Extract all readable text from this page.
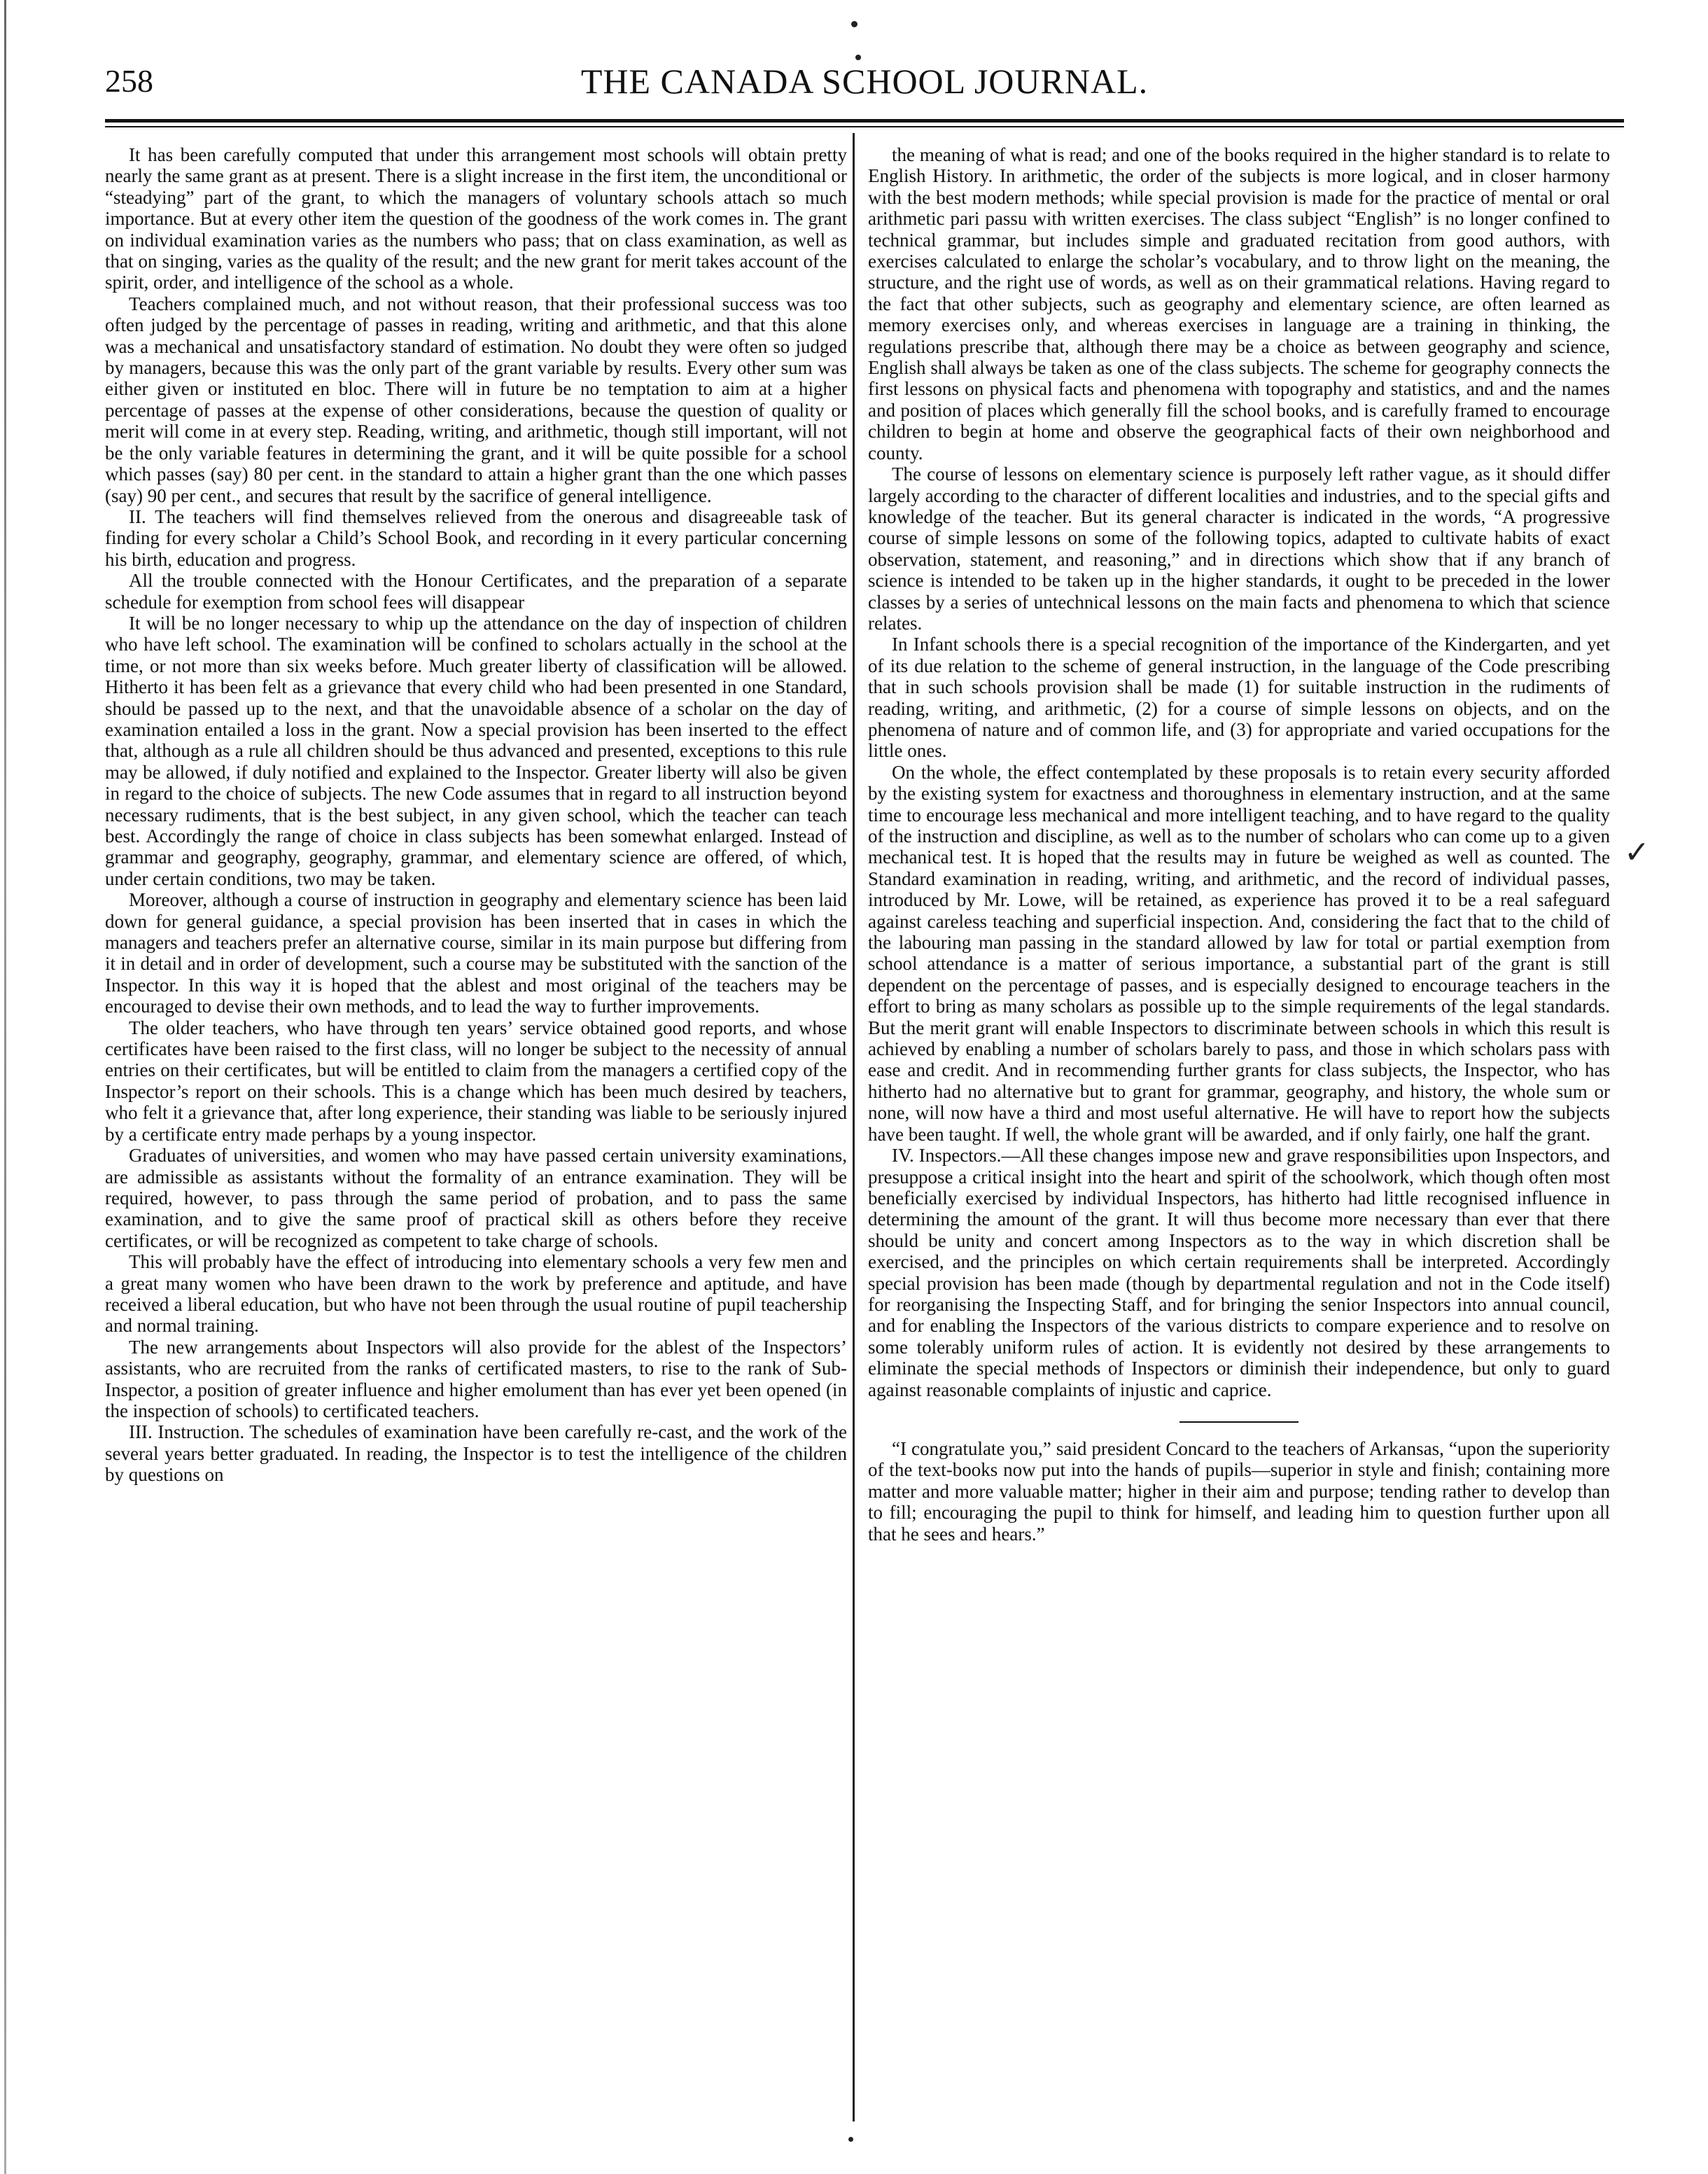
258	THE CANADA SCHOOL JOURNAL.

It has been carefully computed that under this arrangement most schools will obtain pretty nearly the same grant as at present. There is a slight increase in the first item, the unconditional or “steadying” part of the grant, to which the managers of voluntary schools attach so much importance. But at every other item the question of the goodness of the work comes in. The grant on individual examination varies as the numbers who pass; that on class examination, as well as that on singing, varies as the quality of the result; and the new grant for merit takes account of the spirit, order, and intelligence of the school as a whole.

Teachers complained much, and not without reason, that their professional success was too often judged by the percentage of passes in reading, writing and arithmetic, and that this alone was a mechanical and unsatisfactory standard of estimation. No doubt they were often so judged by managers, because this was the only part of the grant variable by results. Every other sum was either given or instituted en bloc. There will in future be no temptation to aim at a higher percentage of passes at the expense of other considerations, because the question of quality or merit will come in at every step. Reading, writing, and arithmetic, though still important, will not be the only variable features in determining the grant, and it will be quite possible for a school which passes (say) 80 per cent. in the standard to attain a higher grant than the one which passes (say) 90 per cent., and secures that result by the sacrifice of general intelligence.

II. The teachers will find themselves relieved from the onerous and disagreeable task of finding for every scholar a Child’s School Book, and recording in it every particular concerning his birth, education and progress.

All the trouble connected with the Honour Certificates, and the preparation of a separate schedule for exemption from school fees will disappear

It will be no longer necessary to whip up the attendance on the day of inspection of children who have left school. The examination will be confined to scholars actually in the school at the time, or not more than six weeks before. Much greater liberty of classification will be allowed. Hitherto it has been felt as a grievance that every child who had been presented in one Standard, should be passed up to the next, and that the unavoidable absence of a scholar on the day of examination entailed a loss in the grant. Now a special provision has been inserted to the effect that, although as a rule all children should be thus advanced and presented, exceptions to this rule may be allowed, if duly notified and explained to the Inspector. Greater liberty will also be given in regard to the choice of subjects. The new Code assumes that in regard to all instruction beyond necessary rudiments, that is the best subject, in any given school, which the teacher can teach best. Accordingly the range of choice in class subjects has been somewhat enlarged. Instead of grammar and geography, geography, grammar, and elementary science are offered, of which, under certain conditions, two may be taken.

Moreover, although a course of instruction in geography and elementary science has been laid down for general guidance, a special provision has been inserted that in cases in which the managers and teachers prefer an alternative course, similar in its main purpose but differing from it in detail and in order of development, such a course may be substituted with the sanction of the Inspector. In this way it is hoped that the ablest and most original of the teachers may be encouraged to devise their own methods, and to lead the way to further improvements.

The older teachers, who have through ten years’ service obtained good reports, and whose certificates have been raised to the first class, will no longer be subject to the necessity of annual entries on their certificates, but will be entitled to claim from the managers a certified copy of the Inspector’s report on their schools. This is a change which has been much desired by teachers, who felt it a grievance that, after long experience, their standing was liable to be seriously injured by a certificate entry made perhaps by a young inspector.

Graduates of universities, and women who may have passed certain university examinations, are admissible as assistants without the formality of an entrance examination. They will be required, however, to pass through the same period of probation, and to pass the same examination, and to give the same proof of practical skill as others before they receive certificates, or will be recognized as competent to take charge of schools.

This will probably have the effect of introducing into elementary schools a very few men and a great many women who have been drawn to the work by preference and aptitude, and have received a liberal education, but who have not been through the usual routine of pupil teachership and normal training.

The new arrangements about Inspectors will also provide for the ablest of the Inspectors’ assistants, who are recruited from the ranks of certificated masters, to rise to the rank of Sub-Inspector, a position of greater influence and higher emolument than has ever yet been opened (in the inspection of schools) to certificated teachers.

III. Instruction. The schedules of examination have been carefully re-cast, and the work of the several years better graduated. In reading, the Inspector is to test the intelligence of the children by questions on

the meaning of what is read; and one of the books required in the higher standard is to relate to English History. In arithmetic, the order of the subjects is more logical, and in closer harmony with the best modern methods; while special provision is made for the practice of mental or oral arithmetic pari passu with written exercises. The class subject “English” is no longer confined to technical grammar, but includes simple and graduated recitation from good authors, with exercises calculated to enlarge the scholar’s vocabulary, and to throw light on the meaning, the structure, and the right use of words, as well as on their grammatical relations. Having regard to the fact that other subjects, such as geography and elementary science, are often learned as memory exercises only, and whereas exercises in language are a training in thinking, the regulations prescribe that, although there may be a choice as between geography and science, English shall always be taken as one of the class subjects. The scheme for geography connects the first lessons on physical facts and phenomena with topography and statistics, and and the names and position of places which generally fill the school books, and is carefully framed to encourage children to begin at home and observe the geographical facts of their own neighborhood and county.

The course of lessons on elementary science is purposely left rather vague, as it should differ largely according to the character of different localities and industries, and to the special gifts and knowledge of the teacher. But its general character is indicated in the words, “A progressive course of simple lessons on some of the following topics, adapted to cultivate habits of exact observation, statement, and reasoning,” and in directions which show that if any branch of science is intended to be taken up in the higher standards, it ought to be preceded in the lower classes by a series of untechnical lessons on the main facts and phenomena to which that science relates.

In Infant schools there is a special recognition of the importance of the Kindergarten, and yet of its due relation to the scheme of general instruction, in the language of the Code prescribing that in such schools provision shall be made (1) for suitable instruction in the rudiments of reading, writing, and arithmetic, (2) for a course of simple lessons on objects, and on the phenomena of nature and of common life, and (3) for appropriate and varied occupations for the little ones.

On the whole, the effect contemplated by these proposals is to retain every security afforded by the existing system for exactness and thoroughness in elementary instruction, and at the same time to encourage less mechanical and more intelligent teaching, and to have regard to the quality of the instruction and discipline, as well as to the number of scholars who can come up to a given mechanical test. It is hoped that the results may in future be weighed as well as counted. The Standard examination in reading, writing, and arithmetic, and the record of individual passes, introduced by Mr. Lowe, will be retained, as experience has proved it to be a real safeguard against careless teaching and superficial inspection. And, considering the fact that to the child of the labouring man passing in the standard allowed by law for total or partial exemption from school attendance is a matter of serious importance, a substantial part of the grant is still dependent on the percentage of passes, and is especially designed to encourage teachers in the effort to bring as many scholars as possible up to the simple requirements of the legal standards. But the merit grant will enable Inspectors to discriminate between schools in which this result is achieved by enabling a number of scholars barely to pass, and those in which scholars pass with ease and credit. And in recommending further grants for class subjects, the Inspector, who has hitherto had no alternative but to grant for grammar, geography, and history, the whole sum or none, will now have a third and most useful alternative. He will have to report how the subjects have been taught. If well, the whole grant will be awarded, and if only fairly, one half the grant.

IV. Inspectors.—All these changes impose new and grave responsibilities upon Inspectors, and presuppose a critical insight into the heart and spirit of the schoolwork, which though often most beneficially exercised by individual Inspectors, has hitherto had little recognised influence in determining the amount of the grant. It will thus become more necessary than ever that there should be unity and concert among Inspectors as to the way in which discretion shall be exercised, and the principles on which certain requirements shall be interpreted. Accordingly special provision has been made (though by departmental regulation and not in the Code itself) for reorganising the Inspecting Staff, and for bringing the senior Inspectors into annual council, and for enabling the Inspectors of the various districts to compare experience and to resolve on some tolerably uniform rules of action. It is evidently not desired by these arrangements to eliminate the special methods of Inspectors or diminish their independence, but only to guard against reasonable complaints of injustic and caprice.

“I congratulate you,” said president Concard to the teachers of Arkansas, “upon the superiority of the text-books now put into the hands of pupils—superior in style and finish; containing more matter and more valuable matter; higher in their aim and purpose; tending rather to develop than to fill; encouraging the pupil to think for himself, and leading him to question further upon all that he sees and hears.”

✓
